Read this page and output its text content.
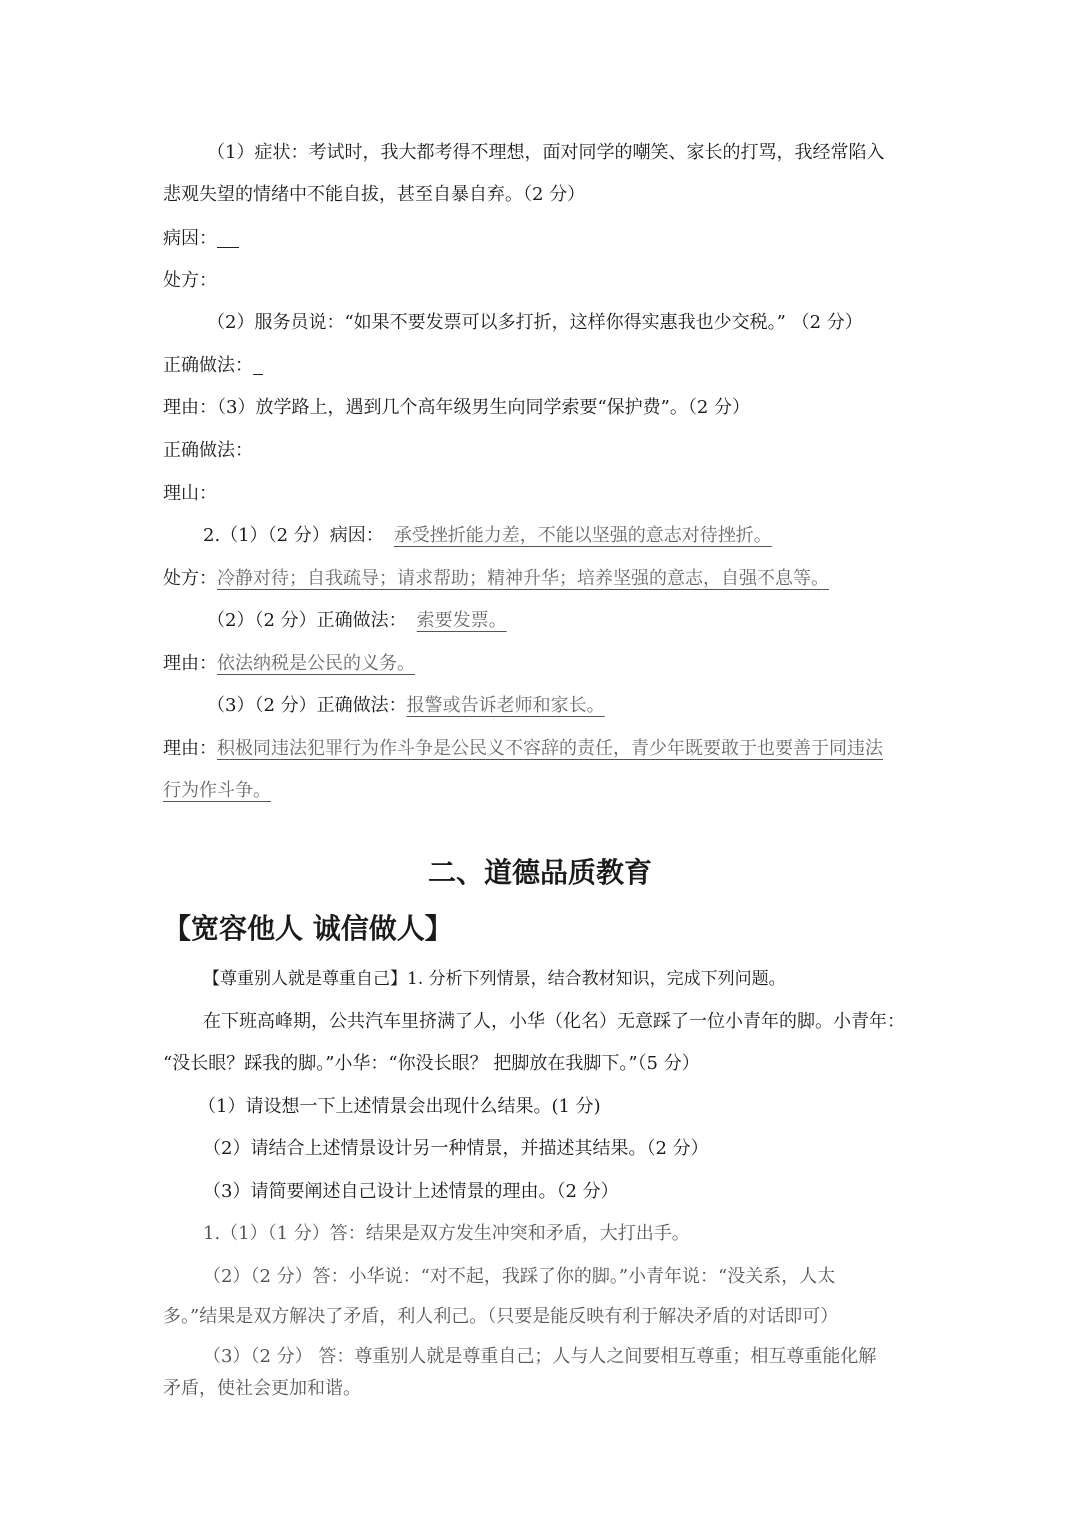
（1）症状：考试时，我大都考得不理想，面对同学的嘲笑、家长的打骂，我经常陷入
悲观失望的情绪中不能自拔，甚至自暴自弃。（2 分）
病因：
处方：
（2）服务员说：“如果不要发票可以多打折，这样你得实惠我也少交税。” （2 分）
正确做法：
理由：（3）放学路上，遇到几个高年级男生向同学索要“保护费”。（2 分）
正确做法：
理山：
2.（1）（2 分）病因： 承受挫折能力差，不能以坚强的意志对待挫折。
处方：冷静对待；自我疏导；请求帮助；精神升华；培养坚强的意志，自强不息等。
（2）（2 分）正确做法： 索要发票。
理由：依法纳税是公民的义务。
（3）（2 分）正确做法：报警或告诉老师和家长。
理由：积极同违法犯罪行为作斗争是公民义不容辞的责任，青少年既要敢于也要善于同违法
行为作斗争。
二、道德品质教育
【宽容他人 诚信做人】
【尊重别人就是尊重自己】1. 分析下列情景，结合教材知识，完成下列问题。
在下班高峰期，公共汽车里挤满了人，小华（化名）无意踩了一位小青年的脚。小青年：
“没长眼？踩我的脚。”小华：“你没长眼？ 把脚放在我脚下。”（5 分）
（1）请设想一下上述情景会出现什么结果。(1 分)
（2）请结合上述情景设计另一种情景，并描述其结果。（2 分）
（3）请简要阐述自己设计上述情景的理由。（2 分）
1.（1）（1 分）答：结果是双方发生冲突和矛盾，大打出手。
（2）（2 分）答：小华说：“对不起，我踩了你的脚。”小青年说：“没关系，人太
多。”结果是双方解决了矛盾，利人利己。（只要是能反映有利于解决矛盾的对话即可）
（3）（2 分） 答：尊重别人就是尊重自己；人与人之间要相互尊重；相互尊重能化解
矛盾，使社会更加和谐。
